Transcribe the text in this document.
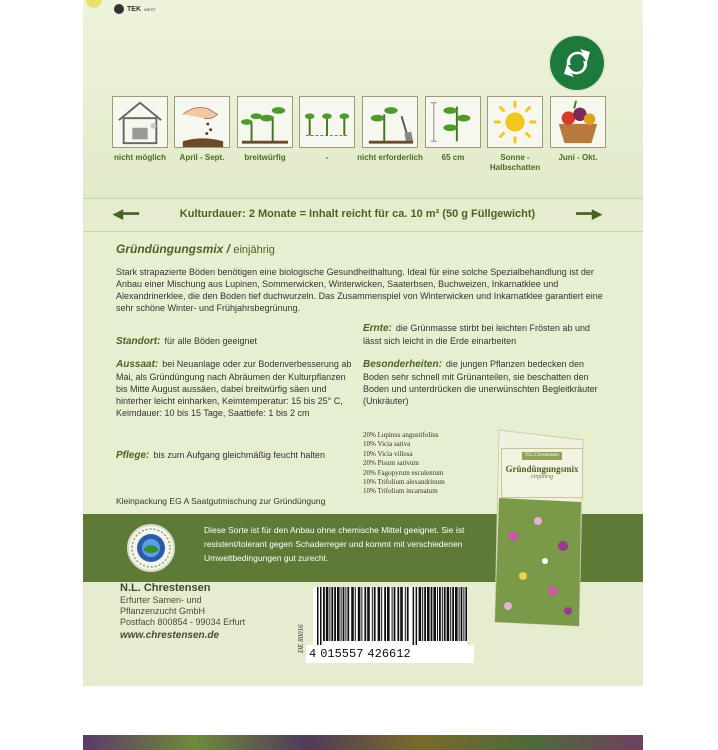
TEK WEST
nicht möglich	April - Sept.	breitwürfig	-	nicht erforderlich	65 cm	Sonne - Halbschatten
Juni - Okt.
◀━━	Kulturdauer: 2 Monate = Inhalt reicht für ca. 10 m² (50 g Füllgewicht)	━━▶
Gründüngungsmix / einjährig
Stark strapazierte Böden benötigen eine biologische Gesundheithaltung. Ideal für eine solche Spezialbehandlung ist der Anbau einer Mischung aus Lupinen, Sommerwicken, Winterwicken, Saaterbsen, Buchweizen, Inkarnatklee und Alexandrinerklee, die den Boden tief duchwurzeln. Das Zusammenspiel von Winterwicken und Inkarnatklee garantiert eine sehr schöne Winter- und Frühjahrsbegrünung.
Standort: für alle Böden geeignet
Aussaat: bei Neuanlage oder zur Bodenverbesserung ab Mai, als Gründüngung nach Abräumen der Kulturpflanzen bis Mitte August aussäen, dabei breitwürfig säen und hinterher leicht einharken, Keimtemperatur: 15 bis 25° C, Keimdauer: 10 bis 15 Tage, Saattiefe: 1 bis 2 cm
Pflege: bis zum Aufgang gleichmäßig feucht halten
Ernte: die Grünmasse stirbt bei leichten Frösten ab und lässt sich leicht in die Erde einarbeiten
Besonderheiten: die jungen Pflanzen bedecken den Boden sehr schnell mit Grünanteilen, sie beschatten den Boden und unterdrücken die unerwünschten Begleitkräuter (Unkräuter)
20% Lupinus angustifolius
10% Vicia sativa
10% Vicia villosa
20% Pisum sativum
20% Fagopyrum esculentum
10% Trifolium alexandrinum
10% Trifolium incarnatum
Kleinpackung EG A Saatgutmischung zur Gründüngung
Diese Sorte ist für den Anbau ohne chemische Mittel geeignet. Sie ist resistent/tolerant gegen Schaderreger und kommt mit verschiedenen Umweltbedingungen gut zurecht.
N.L. Chrestensen
Erfurter Samen- und
Pflanzenzucht GmbH
Postfach 800854 - 99034 Erfurt
www.chrestensen.de	DE 80016
4 015557 426612
N.L.Chrestensen
Gründüngungsmix
einjährig
